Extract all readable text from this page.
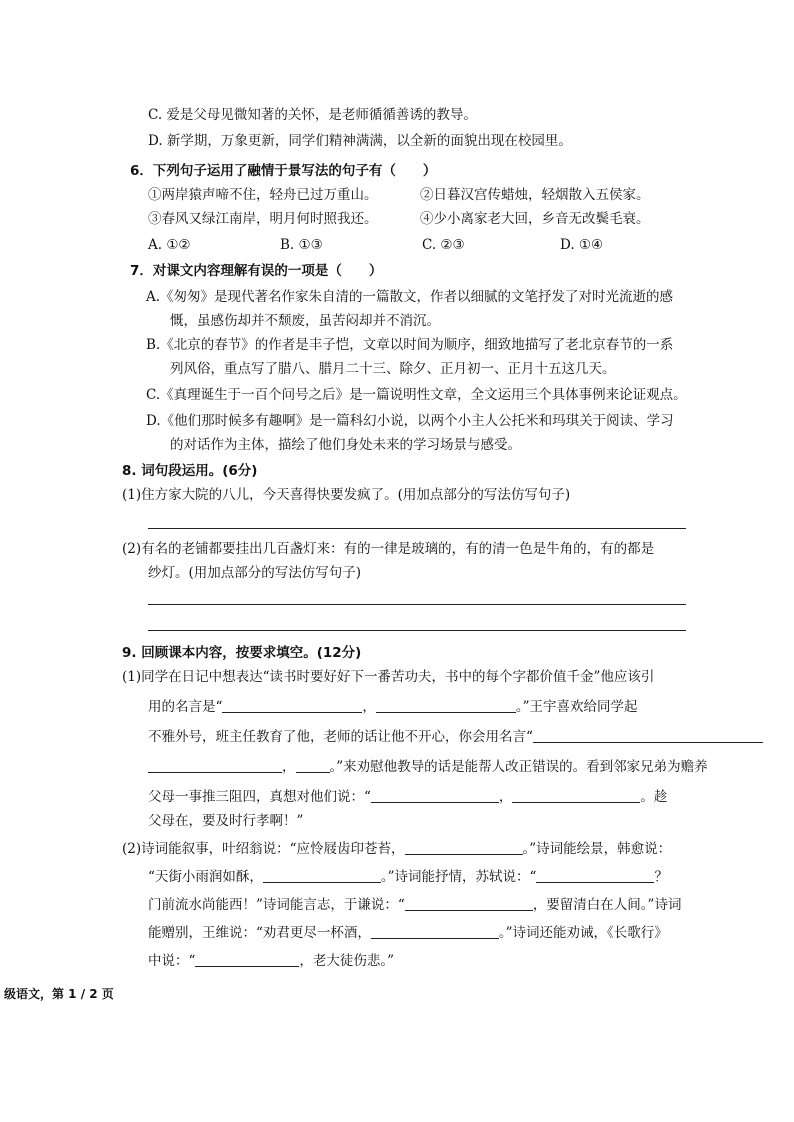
C. 爱是父母见微知著的关怀，是老师循循善诱的教导。
D. 新学期，万象更新，同学们精神满满，以全新的面貌出现在校园里。
6．下列句子运用了融情于景写法的句子有（　　）
①两岸猿声啼不住，轻舟已过万重山。	②日暮汉宫传蜡烛，轻烟散入五侯家。
③春风又绿江南岸，明月何时照我还。	④少小离家老大回，乡音无改鬓毛衰。
A. ①②	B. ①③	C. ②③	D. ①④
7．对课文内容理解有误的一项是（　　）
A.《匆匆》是现代著名作家朱自清的一篇散文，作者以细腻的文笔抒发了对时光流逝的感
慨，虽感伤却并不颓废，虽苦闷却并不消沉。
B.《北京的春节》的作者是丰子恺，文章以时间为顺序，细致地描写了老北京春节的一系
列风俗，重点写了腊八、腊月二十三、除夕、正月初一、正月十五这几天。
C.《真理诞生于一百个问号之后》是一篇说明性文章，全文运用三个具体事例来论证观点。
D.《他们那时候多有趣啊》是一篇科幻小说，以两个小主人公托米和玛琪关于阅读、学习
的对话作为主体，描绘了他们身处未来的学习场景与感受。
8. 词句段运用。(6分)
(1)住方家大院的八儿，今天喜得快要发疯了。(用加点部分的写法仿写句子)
(2)有名的老铺都要挂出几百盏灯来：有的一律是玻璃的，有的清一色是牛角的，有的都是
纱灯。(用加点部分的写法仿写句子)
9. 回顾课本内容，按要求填空。(12分)
(1)同学在日记中想表达“读书时要好好下一番苦功夫，书中的每个字都价值千金”他应该引
用的名言是“	，	。”王宇喜欢给同学起
不雅外号，班主任教育了他，老师的话让他不开心，你会用名言“
，	。”来劝慰他教导的话是能帮人改正错误的。看到邻家兄弟为赡养
父母一事推三阻四，真想对他们说：“	，	。趁
父母在，要及时行孝啊！”
(2)诗词能叙事，叶绍翁说：“应怜屐齿印苍苔，	。”诗词能绘景，韩愈说：
“天街小雨润如酥，	。”诗词能抒情，苏轼说：“	？
门前流水尚能西！”诗词能言志，于谦说：“	，要留清白在人间。”诗词
能赠别，王维说：“劝君更尽一杯酒，	。”诗词还能劝诫，《长歌行》
中说：“	，老大徒伤悲。”
级语文，第 1 / 2 页
